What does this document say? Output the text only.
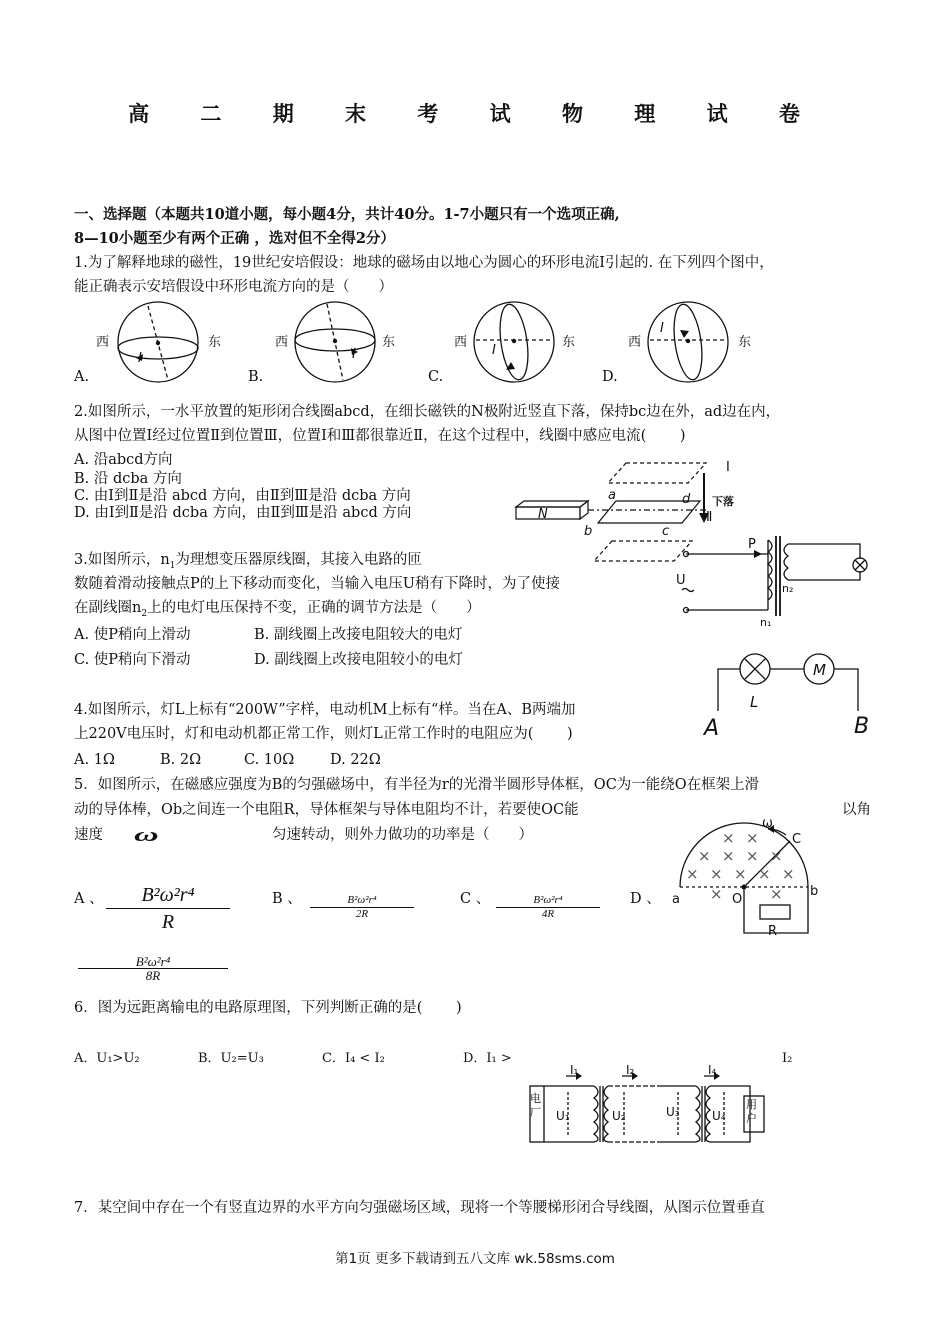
高 二 期 末 考 试 物 理 试 卷
一、选择题（本题共10道小题，每小题4分，共计40分。1-7小题只有一个选项正确,
8—10小题至少有两个正确 ，选对但不全得2分）
1.为了解释地球的磁性，19世纪安培假设：地球的磁场由以地心为圆心的环形电流I引起的. 在下列四个图中，
能正确表示安培假设中环形电流方向的是（　　）
西	东	西	东	西	东	西	东
I	I	I
I
A.	B.	C.	D.
2.如图所示，一水平放置的矩形闭合线圈abcd，在细长磁铁的N极附近竖直下落，保持bc边在外，ad边在内，
从图中位置Ⅰ经过位置Ⅱ到位置Ⅲ，位置Ⅰ和Ⅲ都很靠近Ⅱ，在这个过程中，线圈中感应电流(　　 )
A. 沿abcd方向
B. 沿 dcba 方向
C. 由Ⅰ到Ⅱ是沿 abcd 方向，由Ⅱ到Ⅲ是沿 dcba 方向
D. 由Ⅰ到Ⅱ是沿 dcba 方向，由Ⅱ到Ⅲ是沿 abcd 方向	N
a	d
b	c
Ⅰ
Ⅱ
下落
3.如图所示，$n_1$为理想变压器原线圈，其接入电路的匝
数随着滑动接触点P的上下移动而变化，当输入电压U稍有下降时，为了使接
在副线圈$n_2$上的电灯电压保持不变，正确的调节方法是（　　）
A. 使P稍向上滑动	B. 副线圈上改接电阻较大的电灯
C. 使P稍向下滑动	D. 副线圈上改接电阻较小的电灯
P
U
n₂
n₁
M
L
A	B
4.如图所示，灯L上标有“200W”字样，电动机M上标有“样。当在A、B两端加
上220V电压时，灯和电动机都正常工作，则灯L正常工作时的电阻应为(　　 )
A. 1Ω	B. 2Ω	C. 10Ω D. 22Ω
5．如图所示，在磁感应强度为B的匀强磁场中，有半径为r的光滑半圆形导体框，OC为一能绕O在框架上滑
动的导体棒，Ob之间连一个电阻R，导体框架与导体电阻均不计，若要使OC能	以角
速度 ω	匀速转动，则外力做功的功率是（　　）
× × × ×
× × × × ×
× ×
×	×
ω
C
a	O
b
R
A 、 $\frac{\text{B²ω²r⁴}}{R}$	B 、 $\frac{\text{B²ω²r⁴}}{2R}$	C 、 $\frac{\text{B²ω²r⁴}}{4R}$ D 、
$\frac{\text{B²ω²r⁴}}{8R}$
6．图为远距离输电的电路原理图，下列判断正确的是(　　 )
A．U₁>U₂	B．U₂=U₃	C．I₄ < I₂	D．I₁ >	I₂
I₁	I₂	I₄
U₁	U₂	U₃	U₄
电
厂
用
户
7．某空间中存在一个有竖直边界的水平方向匀强磁场区域，现将一个等腰梯形闭合导线圈，从图示位置垂直
第1页 更多下载请到五八文库 wk.58sms.com
